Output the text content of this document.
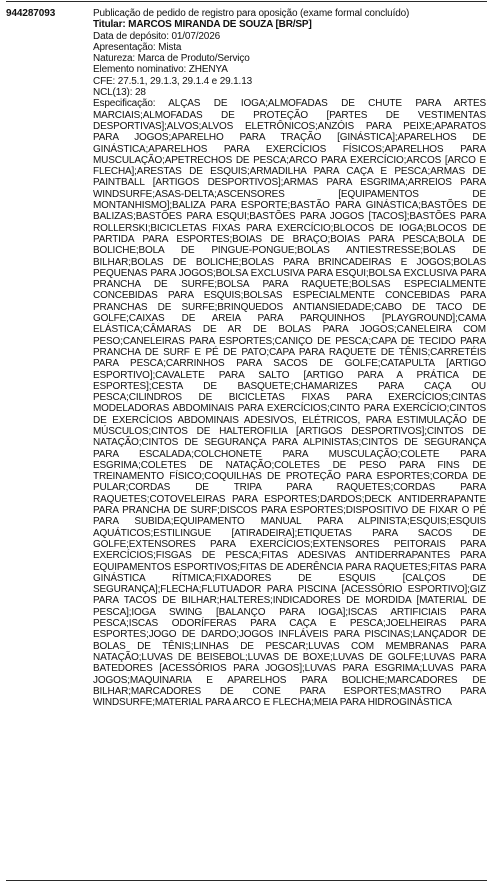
944287093	Publicação de pedido de registro para oposição (exame formal concluído)
Titular: MARCOS MIRANDA DE SOUZA [BR/SP]
Data de depósito: 01/07/2026
Apresentação: Mista
Natureza: Marca de Produto/Serviço
Elemento nominativo: ZHENYA
CFE: 27.5.1, 29.1.3, 29.1.4 e 29.1.13
NCL(13): 28
Especificação: ALÇAS DE IOGA;ALMOFADAS DE CHUTE PARA ARTES MARCIAIS;ALMOFADAS DE PROTEÇÃO [PARTES DE VESTIMENTAS DESPORTIVAS];ALVOS;ALVOS ELETRÔNICOS;ANZÓIS PARA PEIXE;APARATOS PARA JOGOS;APARELHO PARA TRAÇÃO [GINÁSTICA];APARELHOS DE GINÁSTICA;APARELHOS PARA EXERCÍCIOS FÍSICOS;APARELHOS PARA MUSCULAÇÃO;APETRECHOS DE PESCA;ARCO PARA EXERCÍCIO;ARCOS [ARCO E FLECHA];ARESTAS DE ESQUIS;ARMADILHA PARA CAÇA E PESCA;ARMAS DE PAINTBALL [ARTIGOS DESPORTIVOS];ARMAS PARA ESGRIMA;ARREIOS PARA WINDSURFE;ASAS-DELTA;ASCENSORES [EQUIPAMENTOS DE MONTANHISMO];BALIZA PARA ESPORTE;BASTÃO PARA GINÁSTICA;BASTÕES DE BALIZAS;BASTÕES PARA ESQUI;BASTÕES PARA JOGOS [TACOS];BASTÕES PARA ROLLERSKI;BICICLETAS FIXAS PARA EXERCÍCIO;BLOCOS DE IOGA;BLOCOS DE PARTIDA PARA ESPORTES;BOIAS DE BRAÇO;BOIAS PARA PESCA;BOLA DE BOLICHE;BOLA DE PINGUE-PONGUE;BOLAS ANTIESTRESSE;BOLAS DE BILHAR;BOLAS DE BOLICHE;BOLAS PARA BRINCADEIRAS E JOGOS;BOLAS PEQUENAS PARA JOGOS;BOLSA EXCLUSIVA PARA ESQUI;BOLSA EXCLUSIVA PARA PRANCHA DE SURFE;BOLSA PARA RAQUETE;BOLSAS ESPECIALMENTE CONCEBIDAS PARA ESQUIS;BOLSAS ESPECIALMENTE CONCEBIDAS PARA PRANCHAS DE SURFE;BRINQUEDOS ANTIANSIEDADE;CABO DE TACO DE GOLFE;CAIXAS DE AREIA PARA PARQUINHOS [PLAYGROUND];CAMA ELÁSTICA;CÂMARAS DE AR DE BOLAS PARA JOGOS;CANELEIRA COM PESO;CANELEIRAS PARA ESPORTES;CANIÇO DE PESCA;CAPA DE TECIDO PARA PRANCHA DE SURF E PÉ DE PATO;CAPA PARA RAQUETE DE TÊNIS;CARRETÉIS PARA PESCA;CARRINHOS PARA SACOS DE GOLFE;CATAPULTA [ARTIGO ESPORTIVO];CAVALETE PARA SALTO [ARTIGO PARA A PRÁTICA DE ESPORTES];CESTA DE BASQUETE;CHAMARIZES PARA CAÇA OU PESCA;CILINDROS DE BICICLETAS FIXAS PARA EXERCÍCIOS;CINTAS MODELADORAS ABDOMINAIS PARA EXERCÍCIOS;CINTO PARA EXERCÍCIO;CINTOS DE EXERCÍCIOS ABDOMINAIS ADESIVOS, ELÉTRICOS, PARA ESTIMULAÇÃO DE MÚSCULOS;CINTOS DE HALTEROFILIA [ARTIGOS DESPORTIVOS];CINTOS DE NATAÇÃO;CINTOS DE SEGURANÇA PARA ALPINISTAS;CINTOS DE SEGURANÇA PARA ESCALADA;COLCHONETE PARA MUSCULAÇÃO;COLETE PARA ESGRIMA;COLETES DE NATAÇÃO;COLETES DE PESO PARA FINS DE TREINAMENTO FÍSICO;COQUILHAS DE PROTEÇÃO PARA ESPORTES;CORDA DE PULAR;CORDAS DE TRIPA PARA RAQUETES;CORDAS PARA RAQUETES;COTOVELEIRAS PARA ESPORTES;DARDOS;DECK ANTIDERRAPANTE PARA PRANCHA DE SURF;DISCOS PARA ESPORTES;DISPOSITIVO DE FIXAR O PÉ PARA SUBIDA;EQUIPAMENTO MANUAL PARA ALPINISTA;ESQUIS;ESQUIS AQUÁTICOS;ESTILINGUE [ATIRADEIRA];ETIQUETAS PARA SACOS DE GOLFE;EXTENSORES PARA EXERCÍCIOS;EXTENSORES PEITORAIS PARA EXERCÍCIOS;FISGAS DE PESCA;FITAS ADESIVAS ANTIDERRAPANTES PARA EQUIPAMENTOS ESPORTIVOS;FITAS DE ADERÊNCIA PARA RAQUETES;FITAS PARA GINÁSTICA RÍTMICA;FIXADORES DE ESQUIS [CALÇOS DE SEGURANÇA];FLECHA;FLUTUADOR PARA PISCINA [ACESSÓRIO ESPORTIVO];GIZ PARA TACOS DE BILHAR;HALTERES;INDICADORES DE MORDIDA [MATERIAL DE PESCA];IOGA SWING [BALANÇO PARA IOGA];ISCAS ARTIFICIAIS PARA PESCA;ISCAS ODORÍFERAS PARA CAÇA E PESCA;JOELHEIRAS PARA ESPORTES;JOGO DE DARDO;JOGOS INFLÁVEIS PARA PISCINAS;LANÇADOR DE BOLAS DE TÊNIS;LINHAS DE PESCAR;LUVAS COM MEMBRANAS PARA NATAÇÃO;LUVAS DE BEISEBOL;LUVAS DE BOXE;LUVAS DE GOLFE;LUVAS PARA BATEDORES [ACESSÓRIOS PARA JOGOS];LUVAS PARA ESGRIMA;LUVAS PARA JOGOS;MAQUINARIA E APARELHOS PARA BOLICHE;MARCADORES DE BILHAR;MARCADORES DE CONE PARA ESPORTES;MASTRO PARA WINDSURFE;MATERIAL PARA ARCO E FLECHA;MEIA PARA HIDROGINÁSTICA
